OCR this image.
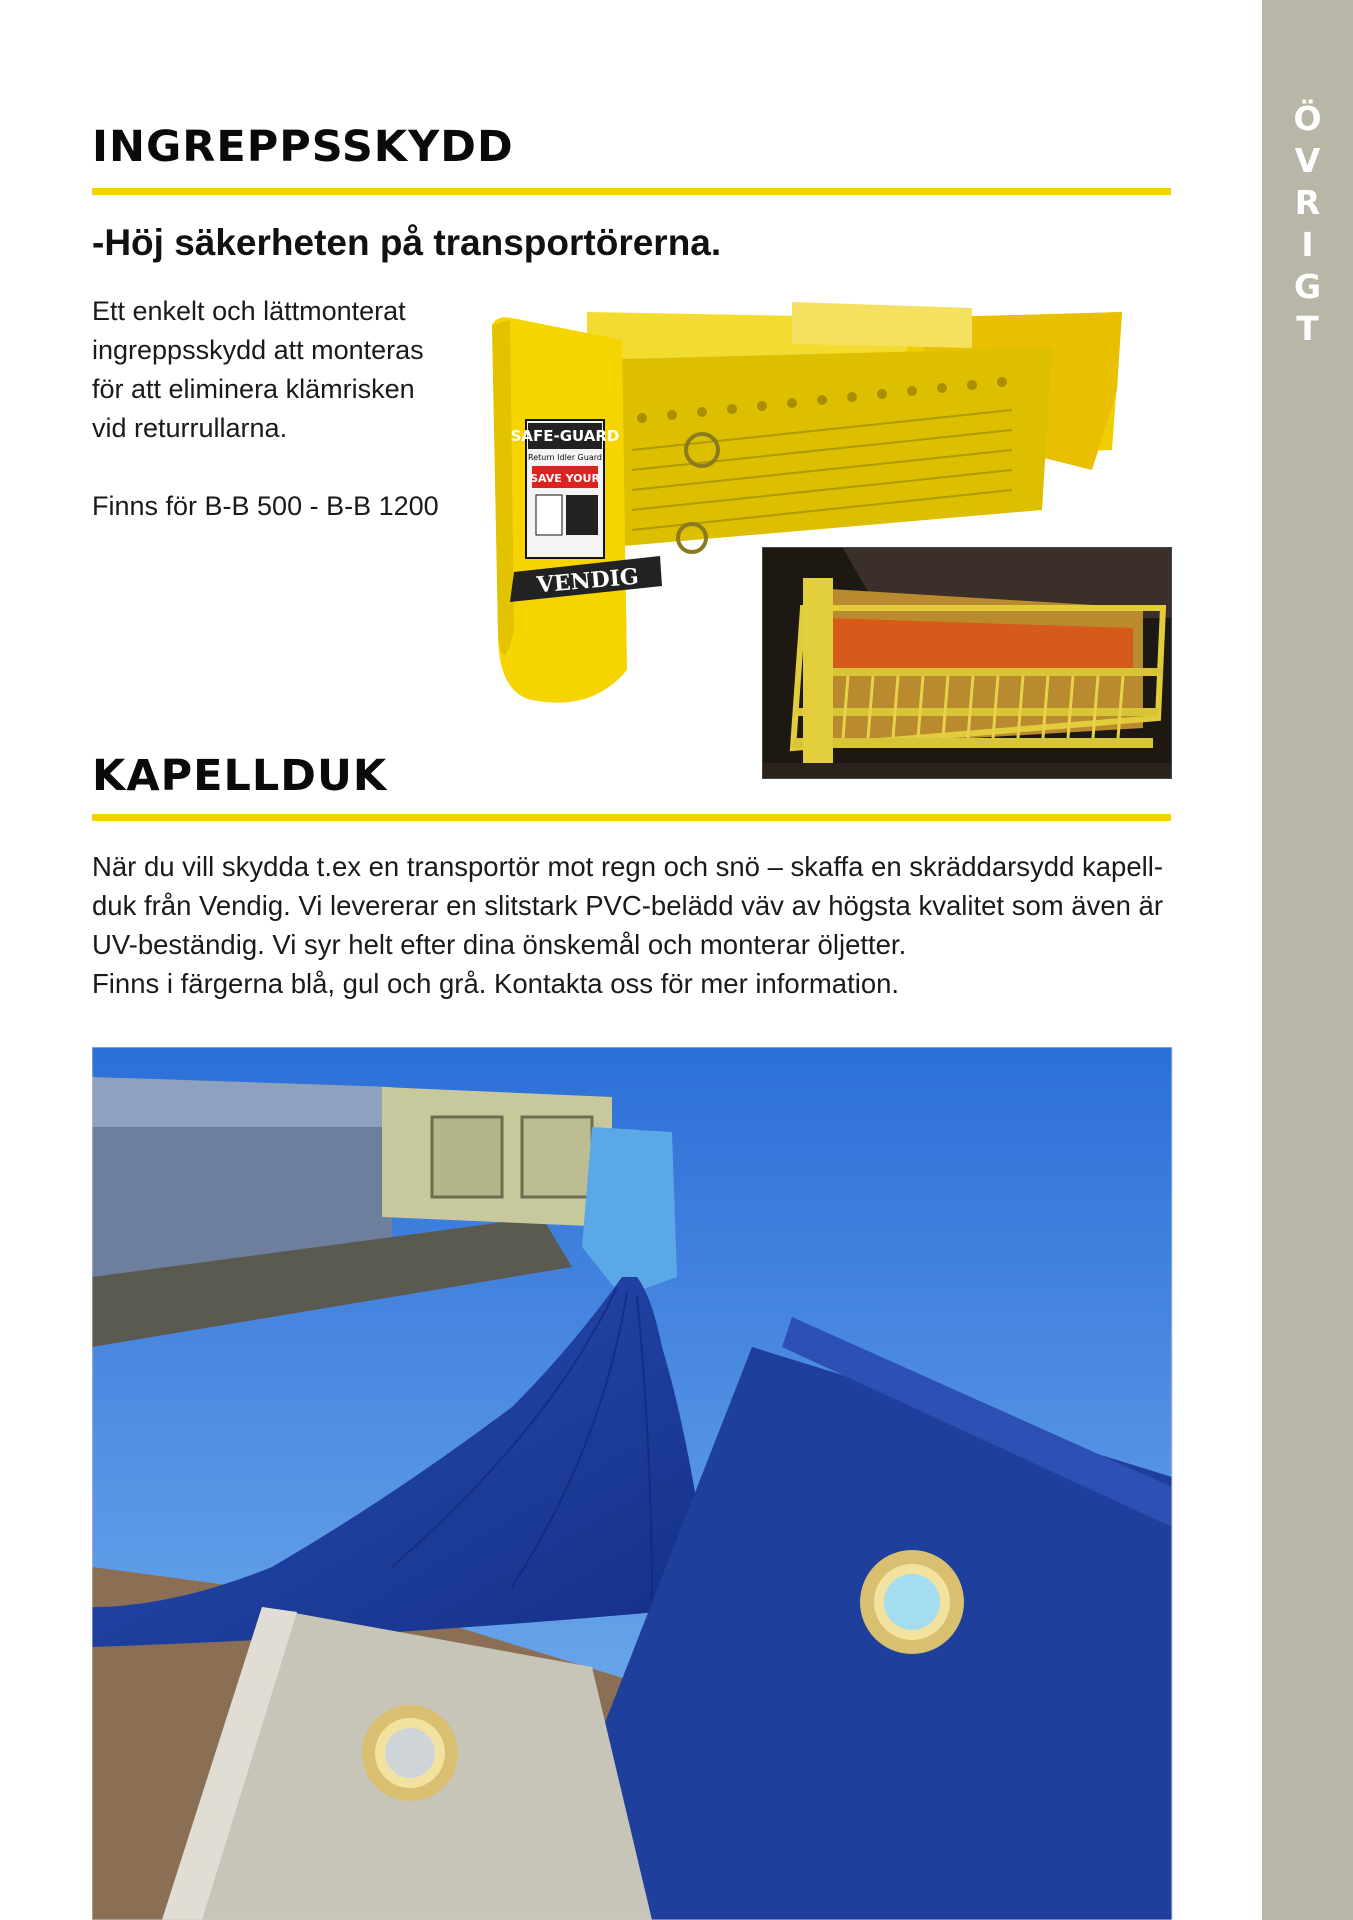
Ö
V
R
I
G
T
INGREPPSSKYDD
-Höj säkerheten på transportörerna.
Ett enkelt och lättmonterat
ingreppsskydd att monteras
för att eliminera klämrisken
vid returrullarna.

Finns för B-B 500 - B-B 1200

SAFE-GUARD
Return Idler Guard
SAVE YOUR
VENDIG
KAPELLDUK

När du vill skydda t.ex en transportör mot regn och snö – skaffa en skräddarsydd kapell-

duk från Vendig. Vi levererar en slitstark PVC-belädd väv av högsta kvalitet som även är

UV-beständig. Vi syr helt efter dina önskemål och monterar öljetter.

Finns i färgerna blå, gul och grå. Kontakta oss för mer information.
